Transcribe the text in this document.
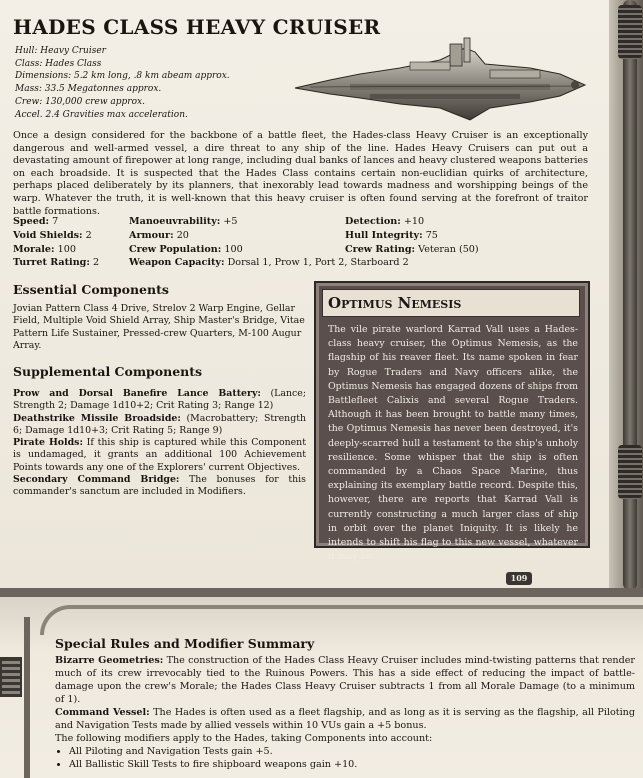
HADES CLASS HEAVY CRUISER
Hull: Heavy Cruiser
Class: Hades Class
Dimensions: 5.2 km long, .8 km abeam approx.
Mass: 33.5 Megatonnes approx.
Crew: 130,000 crew approx.
Accel. 2.4 Gravities max acceleration.
Once a design considered for the backbone of a battle fleet, the Hades-class Heavy Cruiser is an exceptionally dangerous and well-armed vessel, a dire threat to any ship of the line. Hades Heavy Cruisers can put out a devastating amount of firepower at long range, including dual banks of lances and heavy clustered weapons batteries on each broadside. It is suspected that the Hades Class contains certain non-euclidian quirks of architecture, perhaps placed deliberately by its planners, that inexorably lead towards madness and worshipping beings of the warp. Whatever the truth, it is well-known that this heavy cruiser is often found serving at the forefront of traitor battle formations.
Speed: 7	Manoeuvrability: +5	Detection: +10
Void Shields: 2	Armour: 20	Hull Integrity: 75
Morale: 100	Crew Population: 100	Crew Rating: Veteran (50)
Turret Rating: 2	Weapon Capacity: Dorsal 1, Prow 1, Port 2, Starboard 2
Essential Components
Jovian Pattern Class 4 Drive, Strelov 2 Warp Engine, Gellar Field, Multiple Void Shield Array, Ship Master's Bridge, Vitae Pattern Life Sustainer, Pressed-crew Quarters, M-100 Augur Array.
Supplemental Components

Prow and Dorsal Banefire Lance Battery: (Lance; Strength 2; Damage 1d10+2; Crit Rating 3; Range 12)

Deathstrike Missile Broadside: (Macrobattery; Strength 6; Damage 1d10+3; Crit Rating 5; Range 9)

Pirate Holds: If this ship is captured while this Component is undamaged, it grants an additional 100 Achievement Points towards any one of the Explorers' current Objectives.

Secondary Command Bridge: The bonuses for this commander's sanctum are included in Modifiers.

Optimus Nemesis
The vile pirate warlord Karrad Vall uses a Hades-class heavy cruiser, the Optimus Nemesis, as the flagship of his reaver fleet. Its name spoken in fear by Rogue Traders and Navy officers alike, the Optimus Nemesis has engaged dozens of ships from Battlefleet Calixis and several Rogue Traders. Although it has been brought to battle many times, the Optimus Nemesis has never been destroyed, it's deeply-scarred hull a testament to the ship's unholy resilience. Some whisper that the ship is often commanded by a Chaos Space Marine, thus explaining its exemplary battle record. Despite this, however, there are reports that Karrad Vall is currently constructing a much larger class of ship in orbit over the planet Iniquity. It is likely he intends to shift his flag to this new vessel, whatever it may be.
109
Special Rules and Modifier Summary

Bizarre Geometries: The construction of the Hades Class Heavy Cruiser includes mind-twisting patterns that render much of its crew irrevocably tied to the Ruinous Powers. This has a side effect of reducing the impact of battle-damage upon the crew's Morale; the Hades Class Heavy Cruiser subtracts 1 from all Morale Damage (to a minimum of 1).

Command Vessel: The Hades is often used as a fleet flagship, and as long as it is serving as the flagship, all Piloting and Navigation Tests made by allied vessels within 10 VUs gain a +5 bonus.

The following modifiers apply to the Hades, taking Components into account:

• All Piloting and Navigation Tests gain +5.
• All Ballistic Skill Tests to fire shipboard weapons gain +10.
